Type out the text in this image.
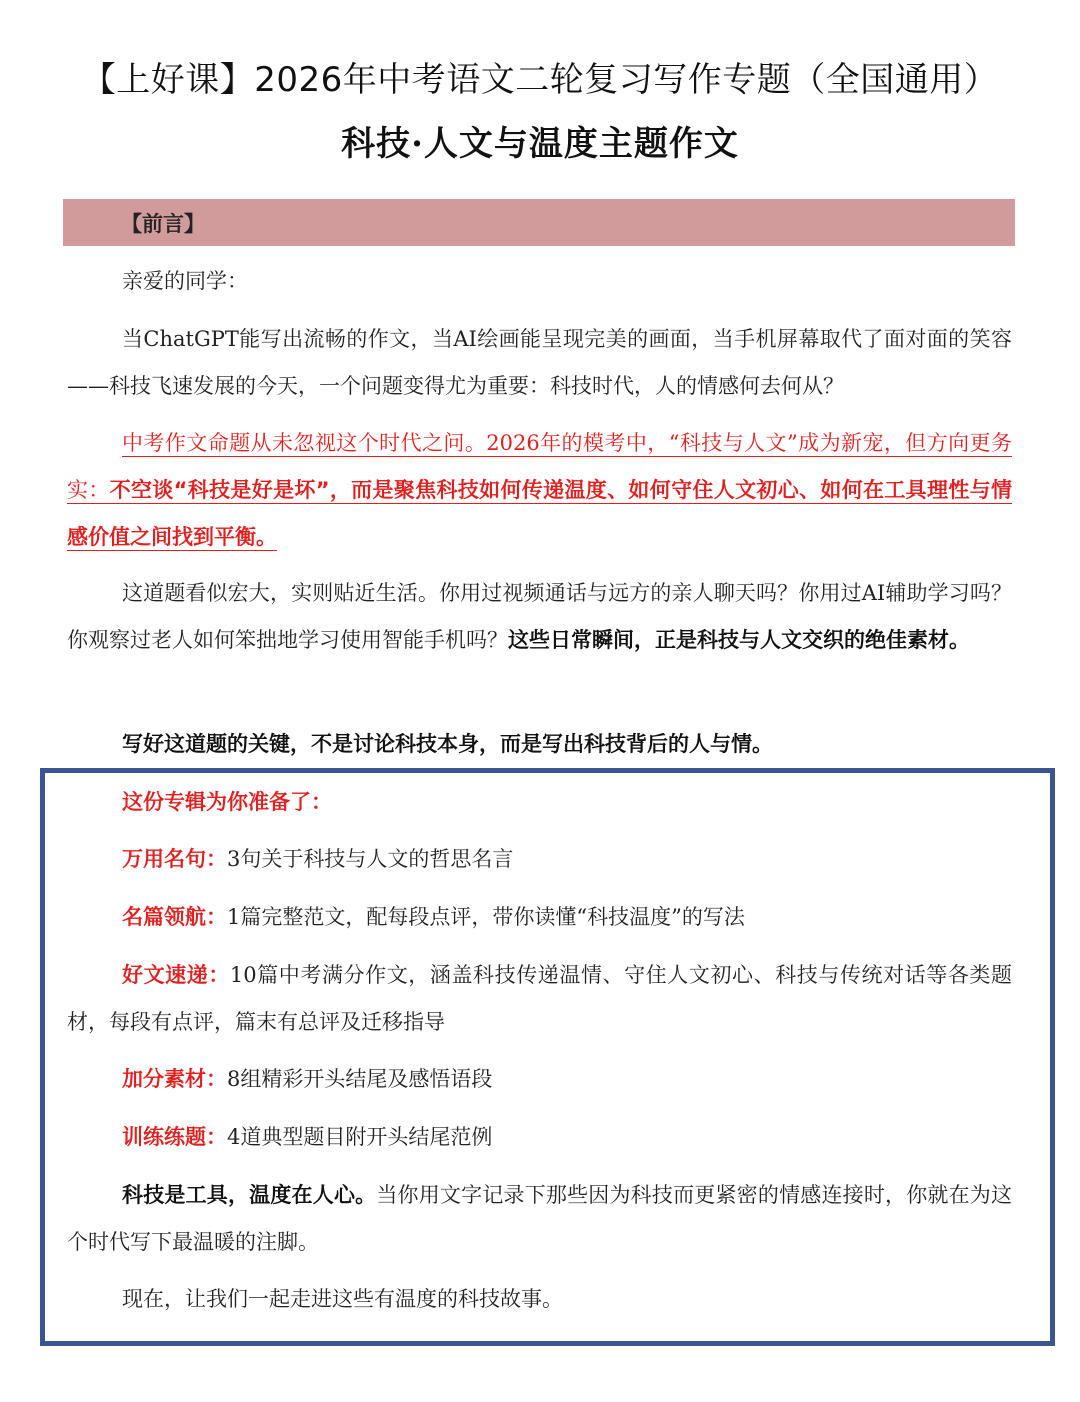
【上好课】2026年中考语文二轮复习写作专题（全国通用）
科技·人文与温度主题作文
【前言】

亲爱的同学：

当ChatGPT能写出流畅的作文，当AI绘画能呈现完美的画面，当手机屏幕取代了面对面的笑容——科技飞速发展的今天，一个问题变得尤为重要：科技时代，人的情感何去何从？

中考作文命题从未忽视这个时代之问。2026年的模考中，“科技与人文”成为新宠，但方向更务实：不空谈“科技是好是坏”，而是聚焦科技如何传递温度、如何守住人文初心、如何在工具理性与情感价值之间找到平衡。

这道题看似宏大，实则贴近生活。你用过视频通话与远方的亲人聊天吗？你用过AI辅助学习吗？你观察过老人如何笨拙地学习使用智能手机吗？这些日常瞬间，正是科技与人文交织的绝佳素材。

写好这道题的关键，不是讨论科技本身，而是写出科技背后的人与情。

这份专辑为你准备了：

万用名句：3句关于科技与人文的哲思名言

名篇领航：1篇完整范文，配每段点评，带你读懂“科技温度”的写法

好文速递：10篇中考满分作文，涵盖科技传递温情、守住人文初心、科技与传统对话等各类题材，每段有点评，篇末有总评及迁移指导

加分素材：8组精彩开头结尾及感悟语段

训练练题：4道典型题目附开头结尾范例

科技是工具，温度在人心。当你用文字记录下那些因为科技而更紧密的情感连接时，你就在为这个时代写下最温暖的注脚。

现在，让我们一起走进这些有温度的科技故事。
